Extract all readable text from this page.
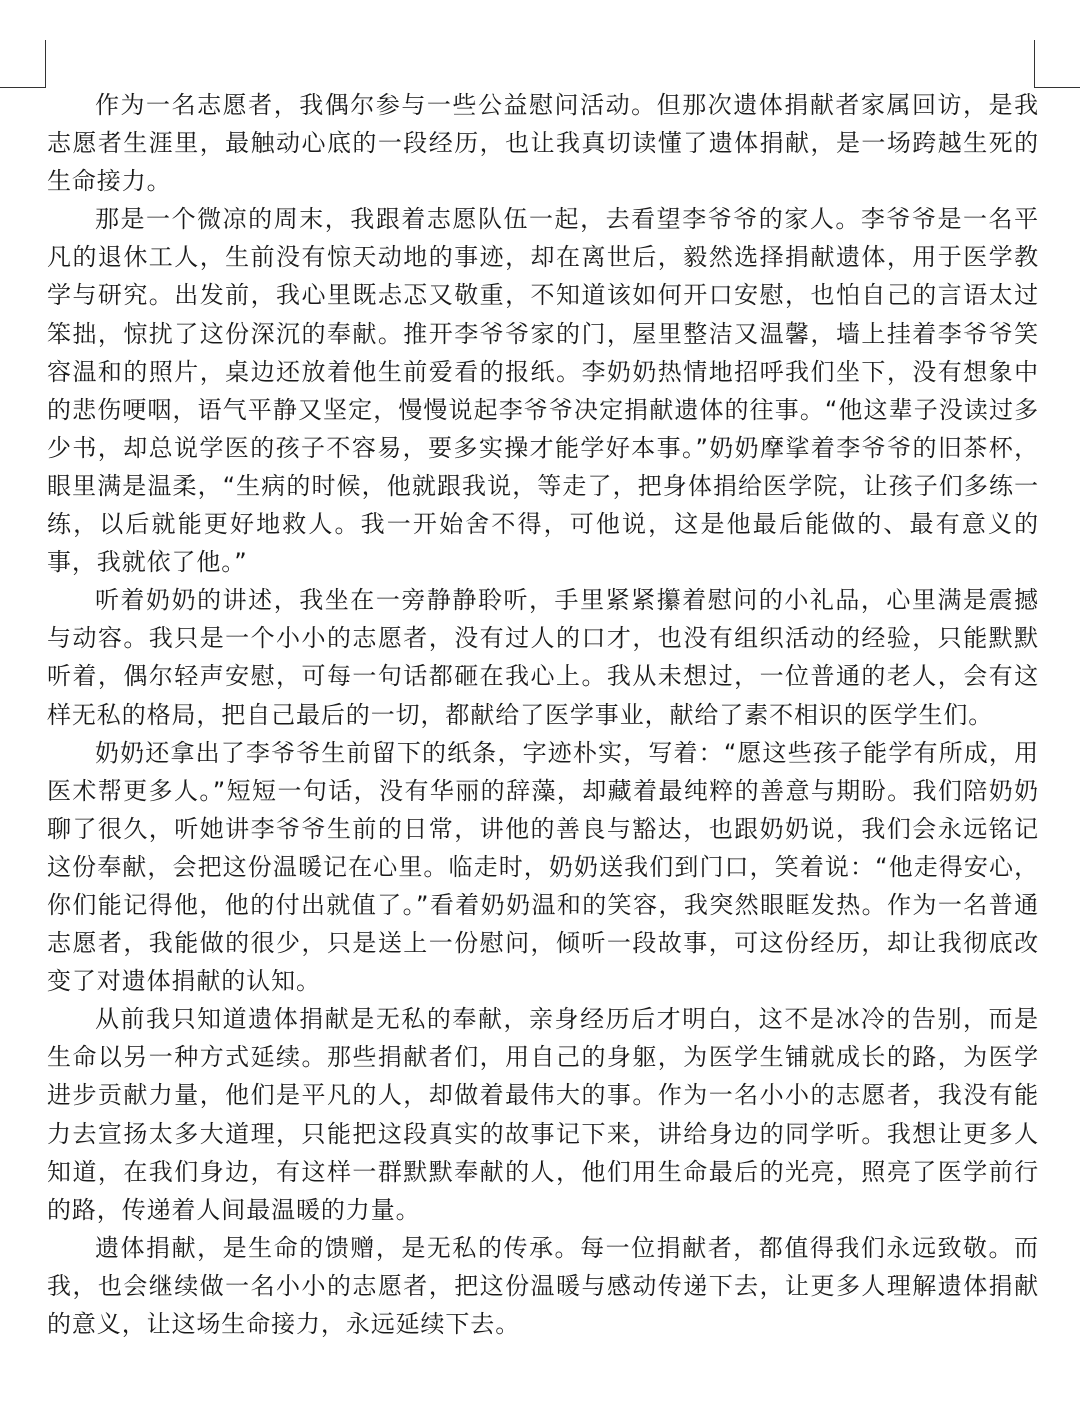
作为一名志愿者，我偶尔参与一些公益慰问活动。但那次遗体捐献者家属回访，是我志愿者生涯里，最触动心底的一段经历，也让我真切读懂了遗体捐献，是一场跨越生死的生命接力。

那是一个微凉的周末，我跟着志愿队伍一起，去看望李爷爷的家人。李爷爷是一名平凡的退休工人，生前没有惊天动地的事迹，却在离世后，毅然选择捐献遗体，用于医学教学与研究。出发前，我心里既忐忑又敬重，不知道该如何开口安慰，也怕自己的言语太过笨拙，惊扰了这份深沉的奉献。推开李爷爷家的门，屋里整洁又温馨，墙上挂着李爷爷笑容温和的照片，桌边还放着他生前爱看的报纸。李奶奶热情地招呼我们坐下，没有想象中的悲伤哽咽，语气平静又坚定，慢慢说起李爷爷决定捐献遗体的往事。“他这辈子没读过多少书，却总说学医的孩子不容易，要多实操才能学好本事。”奶奶摩挲着李爷爷的旧茶杯，眼里满是温柔，“生病的时候，他就跟我说，等走了，把身体捐给医学院，让孩子们多练一练，以后就能更好地救人。我一开始舍不得，可他说，这是他最后能做的、最有意义的事，我就依了他。”

听着奶奶的讲述，我坐在一旁静静聆听，手里紧紧攥着慰问的小礼品，心里满是震撼与动容。我只是一个小小的志愿者，没有过人的口才，也没有组织活动的经验，只能默默听着，偶尔轻声安慰，可每一句话都砸在我心上。我从未想过，一位普通的老人，会有这样无私的格局，把自己最后的一切，都献给了医学事业，献给了素不相识的医学生们。

奶奶还拿出了李爷爷生前留下的纸条，字迹朴实，写着：“愿这些孩子能学有所成，用医术帮更多人。”短短一句话，没有华丽的辞藻，却藏着最纯粹的善意与期盼。我们陪奶奶聊了很久，听她讲李爷爷生前的日常，讲他的善良与豁达，也跟奶奶说，我们会永远铭记这份奉献，会把这份温暖记在心里。临走时，奶奶送我们到门口，笑着说：“他走得安心，你们能记得他，他的付出就值了。”看着奶奶温和的笑容，我突然眼眶发热。作为一名普通志愿者，我能做的很少，只是送上一份慰问，倾听一段故事，可这份经历，却让我彻底改变了对遗体捐献的认知。

从前我只知道遗体捐献是无私的奉献，亲身经历后才明白，这不是冰冷的告别，而是生命以另一种方式延续。那些捐献者们，用自己的身躯，为医学生铺就成长的路，为医学进步贡献力量，他们是平凡的人，却做着最伟大的事。作为一名小小的志愿者，我没有能力去宣扬太多大道理，只能把这段真实的故事记下来，讲给身边的同学听。我想让更多人知道，在我们身边，有这样一群默默奉献的人，他们用生命最后的光亮，照亮了医学前行的路，传递着人间最温暖的力量。

遗体捐献，是生命的馈赠，是无私的传承。每一位捐献者，都值得我们永远致敬。而我，也会继续做一名小小的志愿者，把这份温暖与感动传递下去，让更多人理解遗体捐献的意义，让这场生命接力，永远延续下去。
